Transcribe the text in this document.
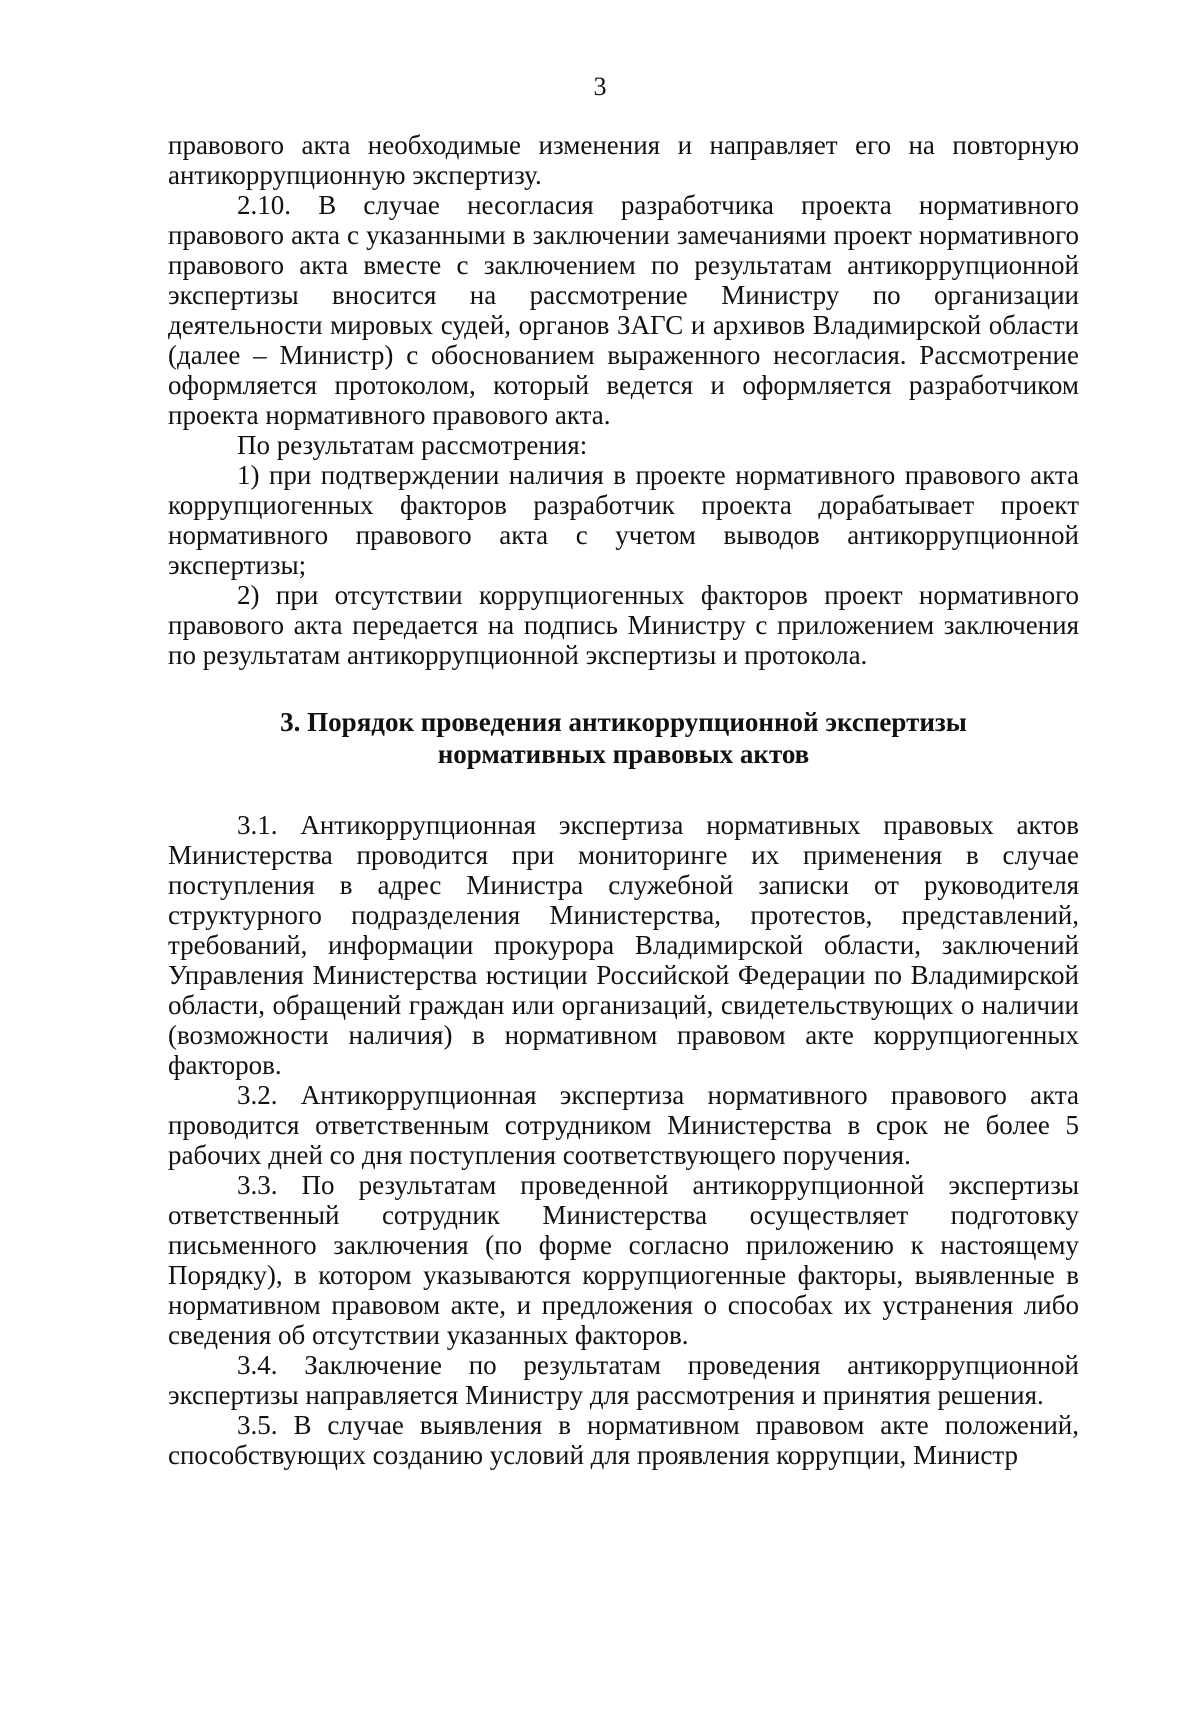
3

правового акта необходимые изменения и направляет его на повторную антикоррупционную экспертизу.

2.10. В случае несогласия разработчика проекта нормативного правового акта с указанными в заключении замечаниями проект нормативного правового акта вместе с заключением по результатам антикоррупционной экспертизы вносится на рассмотрение Министру по организации деятельности мировых судей, органов ЗАГС и архивов Владимирской области (далее – Министр) с обоснованием выраженного несогласия. Рассмотрение оформляется протоколом, который ведется и оформляется разработчиком проекта нормативного правового акта.

По результатам рассмотрения:

1) при подтверждении наличия в проекте нормативного правового акта коррупциогенных факторов разработчик проекта дорабатывает проект нормативного правового акта с учетом выводов антикоррупционной экспертизы;

2) при отсутствии коррупциогенных факторов проект нормативного правового акта передается на подпись Министру с приложением заключения по результатам антикоррупционной экспертизы и протокола.

3. Порядок проведения антикоррупционной экспертизы
нормативных правовых актов

3.1. Антикоррупционная экспертиза нормативных правовых актов Министерства проводится при мониторинге их применения в случае поступления в адрес Министра служебной записки от руководителя структурного подразделения Министерства, протестов, представлений, требований, информации прокурора Владимирской области, заключений Управления Министерства юстиции Российской Федерации по Владимирской области, обращений граждан или организаций, свидетельствующих о наличии (возможности наличия) в нормативном правовом акте коррупциогенных факторов.

3.2. Антикоррупционная экспертиза нормативного правового акта проводится ответственным сотрудником Министерства в срок не более 5 рабочих дней со дня поступления соответствующего поручения.

3.3. По результатам проведенной антикоррупционной экспертизы ответственный сотрудник Министерства осуществляет подготовку письменного заключения (по форме согласно приложению к настоящему Порядку), в котором указываются коррупциогенные факторы, выявленные в нормативном правовом акте, и предложения о способах их устранения либо сведения об отсутствии указанных факторов.

3.4. Заключение по результатам проведения антикоррупционной экспертизы направляется Министру для рассмотрения и принятия решения.

3.5. В случае выявления в нормативном правовом акте положений, способствующих созданию условий для проявления коррупции, Министр
